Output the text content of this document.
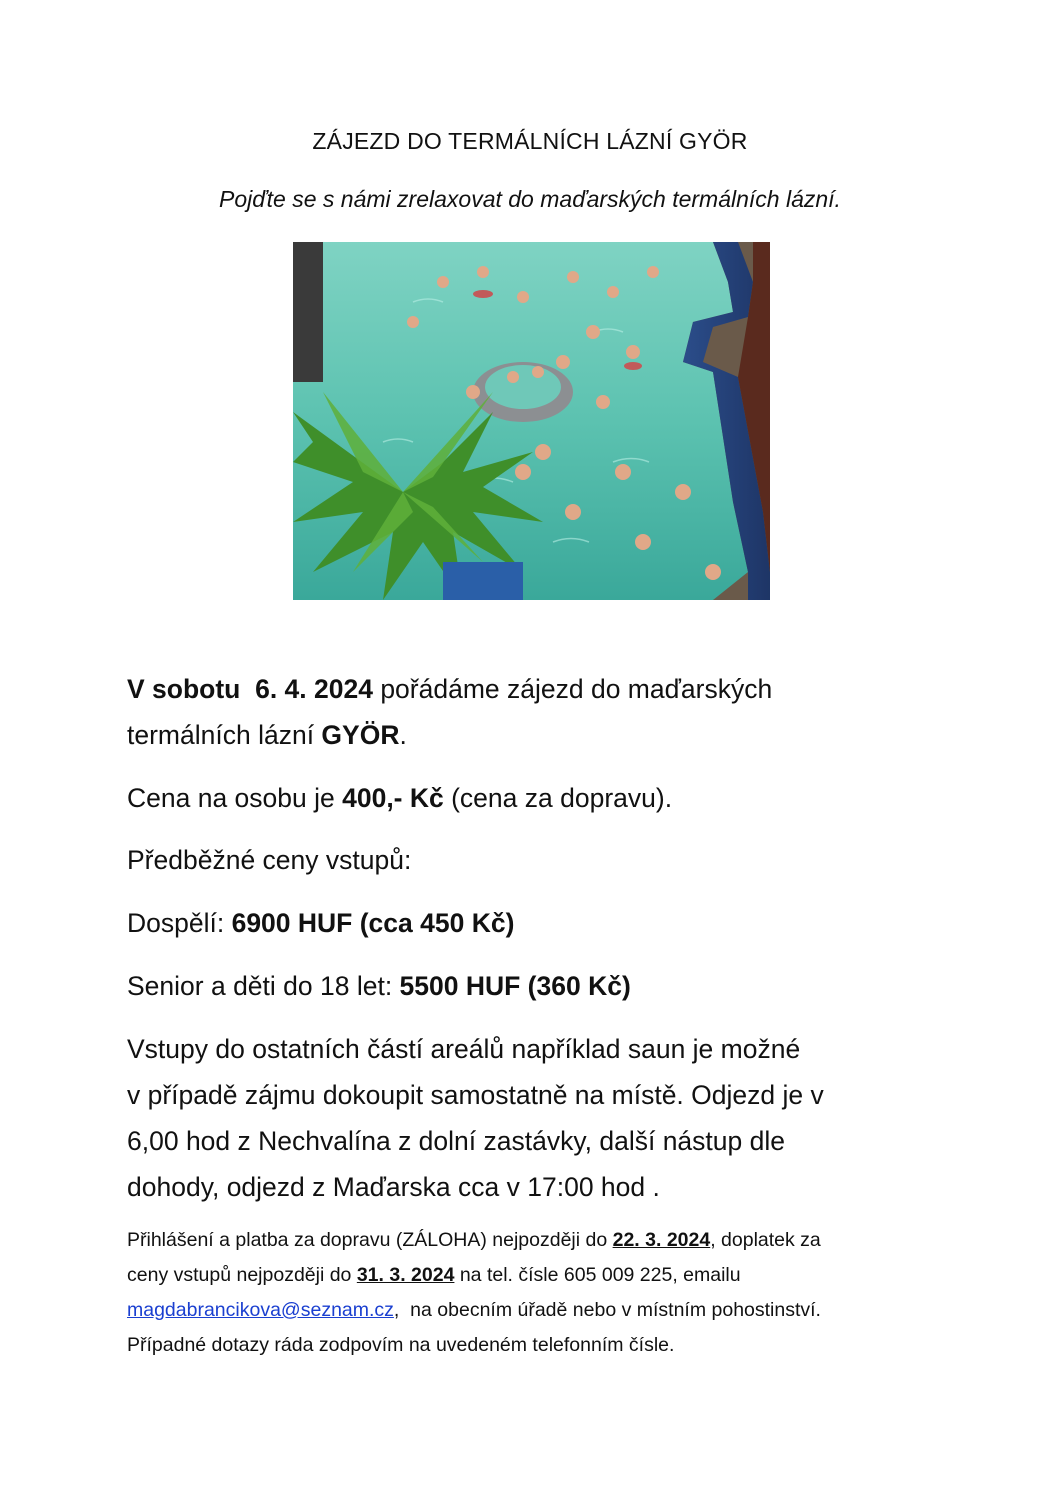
ZÁJEZD DO TERMÁLNÍCH LÁZNÍ GYÖR
Pojďte se s námi zrelaxovat do maďarských termálních lázní.
V sobotu  6. 4. 2024 pořádáme zájezd do maďarských
termálních lázní GYÖR.
Cena na osobu je 400,- Kč (cena za dopravu).
Předběžné ceny vstupů:
Dospělí: 6900 HUF (cca 450 Kč)
Senior a děti do 18 let: 5500 HUF (360 Kč)
Vstupy do ostatních částí areálů například saun je možné
v případě zájmu dokoupit samostatně na místě. Odjezd je v
6,00 hod z Nechvalína z dolní zastávky, další nástup dle
dohody, odjezd z Maďarska cca v 17:00 hod .
Přihlášení a platba za dopravu (ZÁLOHA) nejpozději do 22. 3. 2024, doplatek za
ceny vstupů nejpozději do 31. 3. 2024 na tel. čísle 605 009 225, emailu
magdabrancikova@seznam.cz,  na obecním úřadě nebo v místním pohostinství.
Případné dotazy ráda zodpovím na uvedeném telefonním čísle.
